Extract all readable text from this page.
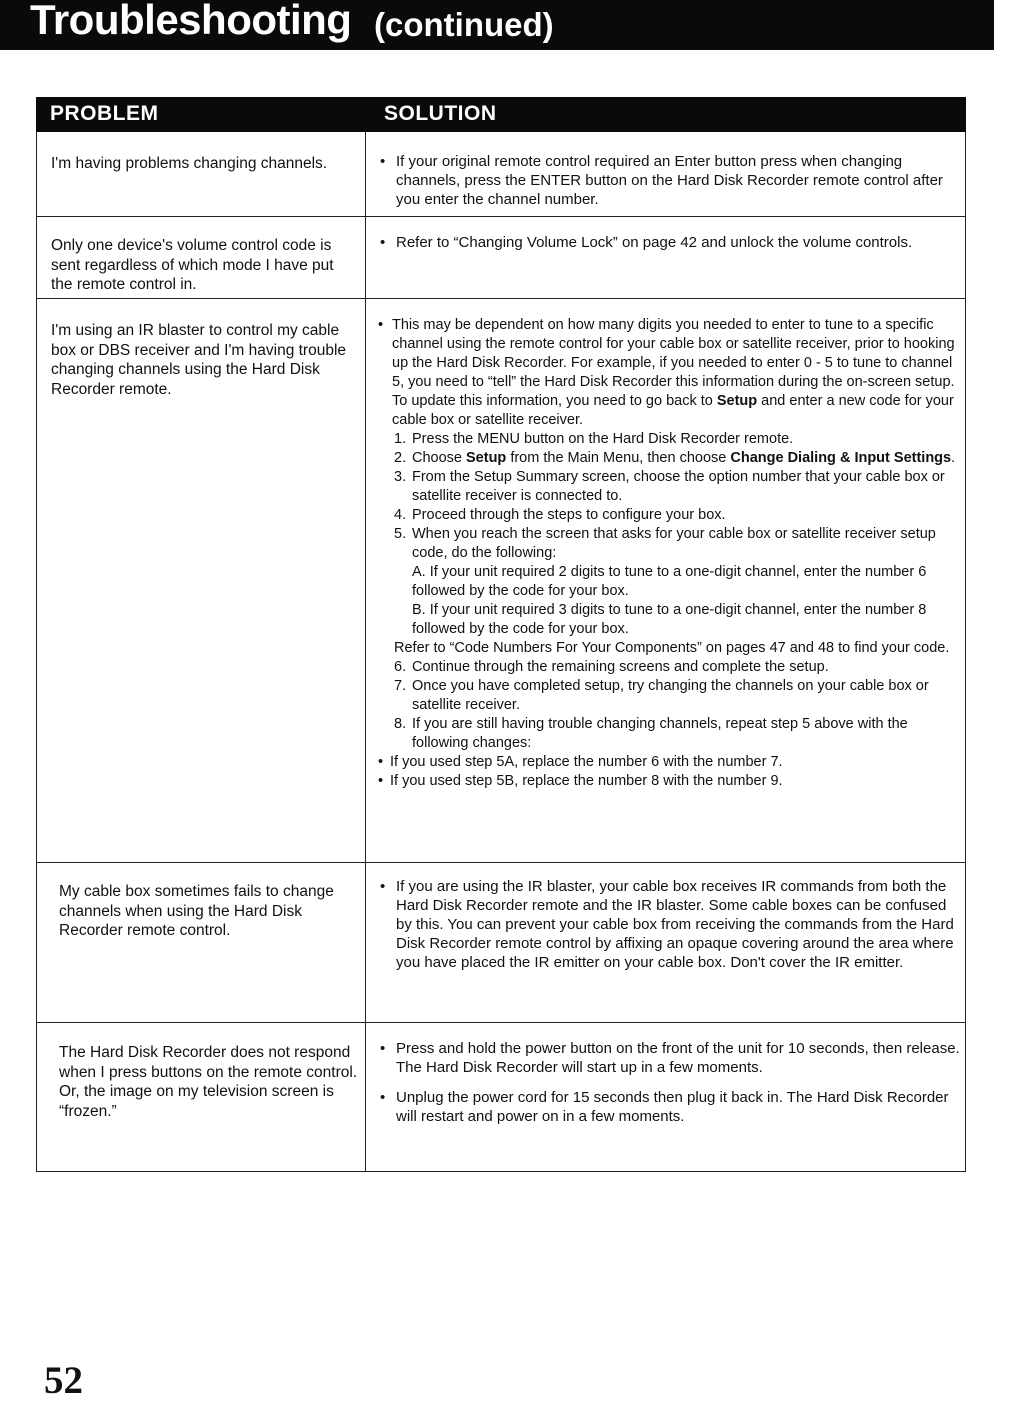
Troubleshooting (continued)
PROBLEM	SOLUTION
I'm having problems changing channels.	• If your original remote control required an Enter button press when changing channels, press the ENTER button on the Hard Disk Recorder remote control after you enter the channel number.

Only one device's volume control code is sent regardless of which mode I have put the remote control in.

• Refer to “Changing Volume Lock” on page 42 and unlock the volume controls.

I'm using an IR blaster to control my cable box or DBS receiver and I'm having trouble changing channels using the Hard Disk Recorder remote.

• This may be dependent on how many digits you needed to enter to tune to a specific channel using the remote control for your cable box or satellite receiver, prior to hooking up the Hard Disk Recorder. For example, if you needed to enter 0 - 5 to tune to channel 5, you need to “tell” the Hard Disk Recorder this information during the on-screen setup. To update this information, you need to go back to Setup and enter a new code for your cable box or satellite receiver.

1. Press the MENU button on the Hard Disk Recorder remote.

2. Choose Setup from the Main Menu, then choose Change Dialing & Input Settings.

3. From the Setup Summary screen, choose the option number that your cable box or satellite receiver is connected to.

4. Proceed through the steps to configure your box.

5. When you reach the screen that asks for your cable box or satellite receiver setup code, do the following:

A. If your unit required 2 digits to tune to a one-digit channel, enter the number 6 followed by the code for your box.

B. If your unit required 3 digits to tune to a one-digit channel, enter the number 8 followed by the code for your box.

Refer to “Code Numbers For Your Components” on pages 47 and 48 to find your code.

6. Continue through the remaining screens and complete the setup.

7. Once you have completed setup, try changing the channels on your cable box or satellite receiver.

8. If you are still having trouble changing channels, repeat step 5 above with the following changes:

• If you used step 5A, replace the number 6 with the number 7.

• If you used step 5B, replace the number 8 with the number 9.

My cable box sometimes fails to change channels when using the Hard Disk Recorder remote control.

• If you are using the IR blaster, your cable box receives IR commands from both the Hard Disk Recorder remote and the IR blaster. Some cable boxes can be confused by this. You can prevent your cable box from receiving the commands from the Hard Disk Recorder remote control by affixing an opaque covering around the area where you have placed the IR emitter on your cable box. Don't cover the IR emitter.

The Hard Disk Recorder does not respond when I press buttons on the remote control. Or, the image on my television screen is “frozen.”

• Press and hold the power button on the front of the unit for 10 seconds, then release. The Hard Disk Recorder will start up in a few moments.

• Unplug the power cord for 15 seconds then plug it back in. The Hard Disk Recorder will restart and power on in a few moments.

52
